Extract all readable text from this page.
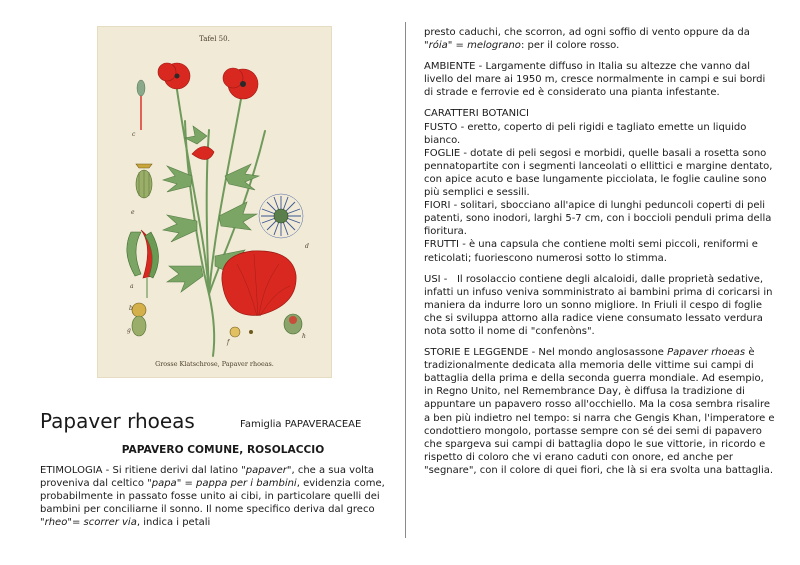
c
d
a
b
g
e
f
h
Tafel 50.
Grosse Klatschrose, Papaver rhoeas.
Papaver rhoeas	Famiglia PAPAVERACEAE
PAPAVERO COMUNE, ROSOLACCIO
ETIMOLOGIA - Si ritiene derivi dal latino "papaver", che a sua volta proveniva dal celtico "papa" = pappa per i bambini, evidenzia come, probabilmente in passato fosse unito ai cibi, in particolare quelli dei bambini per conciliarne il sonno. Il nome specifico deriva dal greco "rheo"= scorrer via, indica i petali

presto caduchi, che scorron, ad ogni soffio di vento oppure da da "róia" = melograno: per il colore rosso.

AMBIENTE - Largamente diffuso in Italia su altezze che vanno dal livello del mare ai 1950 m, cresce normalmente in campi e sui bordi di strade e ferrovie ed è considerato una pianta infestante.

CARATTERI BOTANICI
FUSTO - eretto, coperto di peli rigidi e tagliato emette un liquido bianco.
FOGLIE - dotate di peli segosi e morbidi, quelle basali a rosetta sono pennatopartite con i segmenti lanceolati o ellittici e margine dentato, con apice acuto e base lungamente picciolata, le foglie cauline sono più semplici e sessili.
FIORI - solitari, sbocciano all'apice di lunghi peduncoli coperti di peli patenti, sono inodori, larghi 5-7 cm, con i boccioli penduli prima della fioritura.
FRUTTI - è una capsula che contiene molti semi piccoli, reniformi e reticolati; fuoriescono numerosi sotto lo stimma.

USI -   Il rosolaccio contiene degli alcaloidi, dalle proprietà sedative, infatti un infuso veniva somministrato ai bambini prima di coricarsi in maniera da indurre loro un sonno migliore. In Friuli il cespo di foglie che si sviluppa attorno alla radice viene consumato lessato verdura nota sotto il nome di "confenòns".

STORIE E LEGGENDE - Nel mondo anglosassone Papaver rhoeas è tradizionalmente dedicata alla memoria delle vittime sui campi di battaglia della prima e della seconda guerra mondiale. Ad esempio, in Regno Unito, nel Remembrance Day, è diffusa la tradizione di appuntare un papavero rosso all'occhiello. Ma la cosa sembra risalire a ben più indietro nel tempo: si narra che Gengis Khan, l'imperatore e condottiero mongolo, portasse sempre con sé dei semi di papavero che spargeva sui campi di battaglia dopo le sue vittorie, in ricordo e rispetto di coloro che vi erano caduti con onore, ed anche per "segnare", con il colore di quei fiori, che là si era svolta una battaglia.
